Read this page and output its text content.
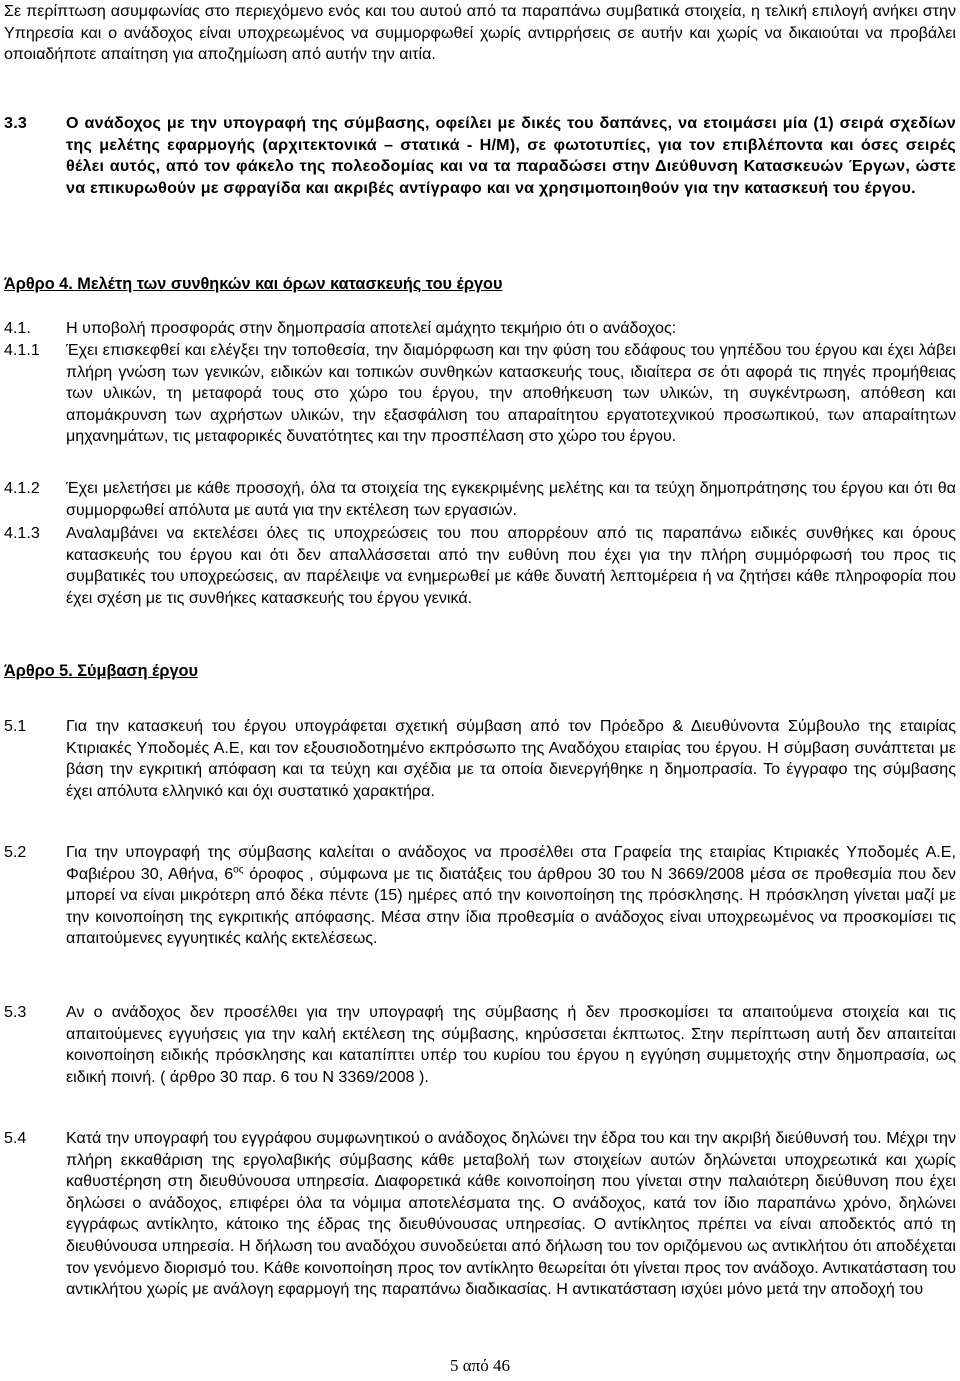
Σε περίπτωση ασυμφωνίας στο περιεχόμενο ενός και του αυτού από τα παραπάνω συμβατικά στοιχεία, η τελική επιλογή ανήκει στην Υπηρεσία και ο ανάδοχος είναι υποχρεωμένος να συμμορφωθεί χωρίς αντιρρήσεις σε αυτήν και χωρίς να δικαιούται να προβάλει οποιαδήποτε απαίτηση για αποζημίωση από αυτήν την αιτία.

3.3	Ο ανάδοχος με την υπογραφή της σύμβασης, οφείλει με δικές του δαπάνες, να ετοιμάσει μία (1) σειρά σχεδίων της μελέτης εφαρμογής (αρχιτεκτονικά – στατικά - Η/Μ), σε φωτοτυπίες, για τον επιβλέποντα και όσες σειρές θέλει αυτός, από τον φάκελο της πολεοδομίας και να τα παραδώσει στην Διεύθυνση Κατασκευών Έργων, ώστε να επικυρωθούν με σφραγίδα και ακριβές αντίγραφο και να χρησιμοποιηθούν για την κατασκευή του έργου.

Άρθρο 4. Μελέτη των συνθηκών και όρων κατασκευής του έργου
4.1. Η υποβολή προσφοράς στην δημοπρασία αποτελεί αμάχητο τεκμήριο ότι ο ανάδοχος:
4.1.1	Έχει επισκεφθεί και ελέγξει την τοποθεσία, την διαμόρφωση και την φύση του εδάφους του γηπέδου του έργου και έχει λάβει πλήρη γνώση των γενικών, ειδικών και τοπικών συνθηκών κατασκευής τους, ιδιαίτερα σε ότι αφορά τις πηγές προμήθειας των υλικών, τη μεταφορά τους στο χώρο του έργου, την αποθήκευση των υλικών, τη συγκέντρωση, απόθεση και απομάκρυνση των αχρήστων υλικών, την εξασφάλιση του απαραίτητου εργατοτεχνικού προσωπικού, των απαραίτητων μηχανημάτων, τις μεταφορικές δυνατότητες και την προσπέλαση στο χώρο του έργου.

4.1.2	Έχει μελετήσει με κάθε προσοχή, όλα τα στοιχεία της εγκεκριμένης μελέτης και τα τεύχη δημοπράτησης του έργου και ότι θα συμμορφωθεί απόλυτα με αυτά για την εκτέλεση των εργασιών.

4.1.3	Αναλαμβάνει να εκτελέσει όλες τις υποχρεώσεις του που απορρέουν από τις παραπάνω ειδικές συνθήκες και όρους κατασκευής του έργου και ότι δεν απαλλάσσεται από την ευθύνη που έχει για την πλήρη συμμόρφωσή του προς τις συμβατικές του υποχρεώσεις, αν παρέλειψε να ενημερωθεί με κάθε δυνατή λεπτομέρεια ή να ζητήσει κάθε πληροφορία που έχει σχέση με τις συνθήκες κατασκευής του έργου γενικά.

Άρθρο 5. Σύμβαση έργου
5.1	Για την κατασκευή του έργου υπογράφεται σχετική σύμβαση από τον Πρόεδρο & Διευθύνοντα Σύμβουλο της εταιρίας Κτιριακές Υποδομές Α.Ε, και τον εξουσιοδοτημένο εκπρόσωπο της Αναδόχου εταιρίας του έργου. Η σύμβαση συνάπτεται με βάση την εγκριτική απόφαση και τα τεύχη και σχέδια με τα οποία διενεργήθηκε η δημοπρασία. Το έγγραφο της σύμβασης έχει απόλυτα ελληνικό και όχι συστατικό χαρακτήρα.

5.2	Για την υπογραφή της σύμβασης καλείται ο ανάδοχος να προσέλθει στα Γραφεία της εταιρίας Κτιριακές Υποδομές Α.Ε, Φαβιέρου 30, Αθήνα, $6^{o\varsigma}$ όροφος , σύμφωνα με τις διατάξεις του άρθρου 30 του Ν 3669/2008 μέσα σε προθεσμία που δεν μπορεί να είναι μικρότερη από δέκα πέντε (15) ημέρες από την κοινοποίηση της πρόσκλησης. Η πρόσκληση γίνεται μαζί με την κοινοποίηση της εγκριτικής απόφασης. Μέσα στην ίδια προθεσμία ο ανάδοχος είναι υποχρεωμένος να προσκομίσει τις απαιτούμενες εγγυητικές καλής εκτελέσεως.

5.3	Αν ο ανάδοχος δεν προσέλθει για την υπογραφή της σύμβασης ή δεν προσκομίσει τα απαιτούμενα στοιχεία και τις απαιτούμενες εγγυήσεις για την καλή εκτέλεση της σύμβασης, κηρύσσεται έκπτωτος. Στην περίπτωση αυτή δεν απαιτείται κοινοποίηση ειδικής πρόσκλησης και καταπίπτει υπέρ του κυρίου του έργου η εγγύηση συμμετοχής στην δημοπρασία, ως ειδική ποινή. ( άρθρο 30 παρ. 6 του Ν 3369/2008 ).

5.4	Κατά την υπογραφή του εγγράφου συμφωνητικού ο ανάδοχος δηλώνει την έδρα του και την ακριβή διεύθυνσή του. Μέχρι την πλήρη εκκαθάριση της εργολαβικής σύμβασης κάθε μεταβολή των στοιχείων αυτών δηλώνεται υποχρεωτικά και χωρίς καθυστέρηση στη διευθύνουσα υπηρεσία. Διαφορετικά κάθε κοινοποίηση που γίνεται στην παλαιότερη διεύθυνση που έχει δηλώσει ο ανάδοχος, επιφέρει όλα τα νόμιμα αποτελέσματα της. Ο ανάδοχος, κατά τον ίδιο παραπάνω χρόνο, δηλώνει εγγράφως αντίκλητο, κάτοικο της έδρας της διευθύνουσας υπηρεσίας. Ο αντίκλητος πρέπει να είναι αποδεκτός από τη διευθύνουσα υπηρεσία. Η δήλωση του αναδόχου συνοδεύεται από δήλωση του τον οριζόμενου ως αντικλήτου ότι αποδέχεται τον γενόμενο διορισμό του. Κάθε κοινοποίηση προς τον αντίκλητο θεωρείται ότι γίνεται προς τον ανάδοχο. Αντικατάσταση του αντικλήτου χωρίς με ανάλογη εφαρμογή της παραπάνω διαδικασίας. Η αντικατάσταση ισχύει μόνο μετά την αποδοχή του

5 από 46
